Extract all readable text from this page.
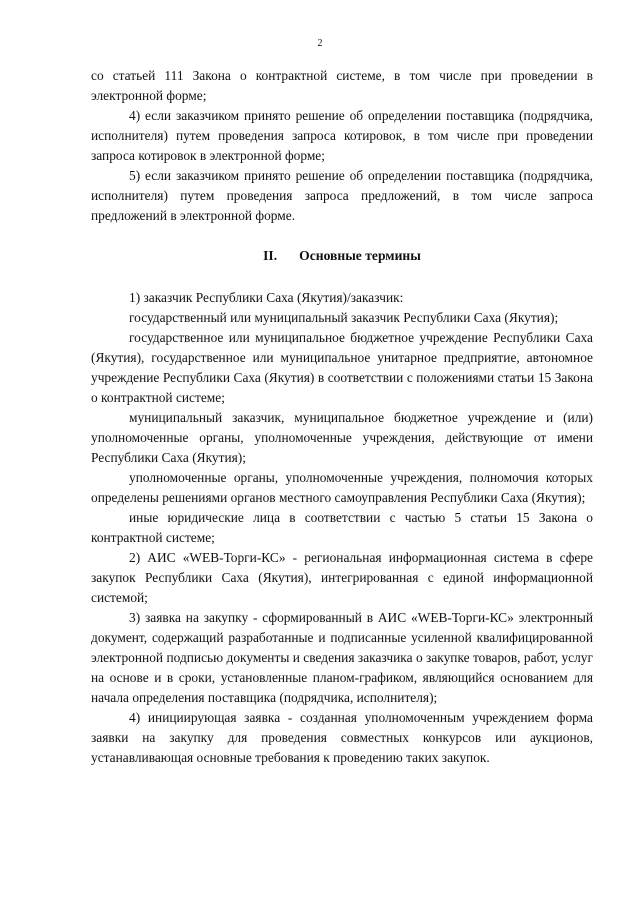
2

со статьей 111 Закона о контрактной системе, в том числе при проведении в электронной форме;

4) если заказчиком принято решение об определении поставщика (подрядчика, исполнителя) путем проведения запроса котировок, в том числе при проведении запроса котировок в электронной форме;

5) если заказчиком принято решение об определении поставщика (подрядчика, исполнителя) путем проведения запроса предложений, в том числе запроса предложений в электронной форме.

II. Основные термины

1) заказчик Республики Саха (Якутия)/заказчик:

государственный или муниципальный заказчик Республики Саха (Якутия);

государственное или муниципальное бюджетное учреждение Республики Саха (Якутия), государственное или муниципальное унитарное предприятие, автономное учреждение Республики Саха (Якутия) в соответствии с положениями статьи 15 Закона о контрактной системе;

муниципальный заказчик, муниципальное бюджетное учреждение и (или) уполномоченные органы, уполномоченные учреждения, действующие от имени Республики Саха (Якутия);

уполномоченные органы, уполномоченные учреждения, полномочия которых определены решениями органов местного самоуправления Республики Саха (Якутия);

иные юридические лица в соответствии с частью 5 статьи 15 Закона о контрактной системе;

2) АИС «WEB-Торги-КС» - региональная информационная система в сфере закупок Республики Саха (Якутия), интегрированная с единой информационной системой;

3) заявка на закупку - сформированный в АИС «WEB-Торги-КС» электронный документ, содержащий разработанные и подписанные усиленной квалифицированной электронной подписью документы и сведения заказчика о закупке товаров, работ, услуг на основе и в сроки, установленные планом-графиком, являющийся основанием для начала определения поставщика (подрядчика, исполнителя);

4) инициирующая заявка - созданная уполномоченным учреждением форма заявки на закупку для проведения совместных конкурсов или аукционов, устанавливающая основные требования к проведению таких закупок.
